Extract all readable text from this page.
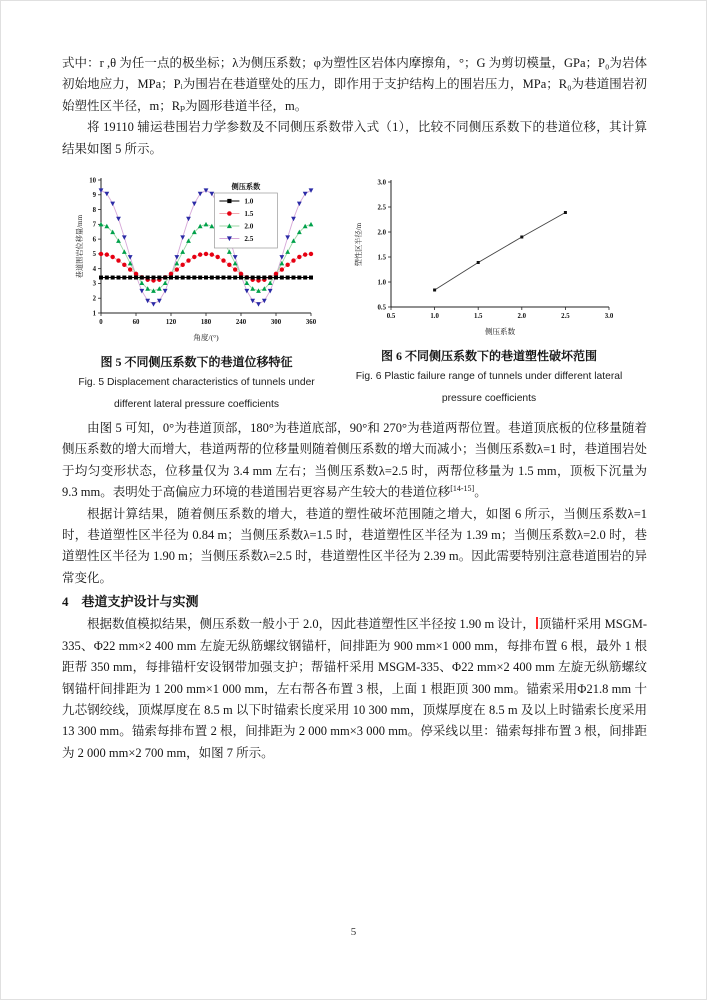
式中：r ,θ 为任一点的极坐标；λ为侧压系数；φ为塑性区岩体内摩擦角，°；G 为剪切模量，GPa；P₀为岩体初始地应力，MPa；Pᵢ为围岩在巷道壁处的压力，即作用于支护结构上的围岩压力，MPa；R₀为巷道围岩初始塑性区半径，m；Rₚ为圆形巷道半径，m。

将 19110 辅运巷围岩力学参数及不同侧压系数带入式（1），比较不同侧压系数下的巷道位移，其计算结果如图 5 所示。

0	60	120	180	240	300	360
1
2
3
4
5
6
7
8
9
10
角度/(°)
巷道围岩位移量/mm
侧压系数
1.0
1.5
2.0
2.5
图 5 不同侧压系数下的巷道位移特征
Fig. 5 Displacement characteristics of tunnels under different lateral pressure coefficients
0.5	1.0	1.5	2.0	2.5	3.0
0.5
1.0
1.5
2.0
2.5
3.0
侧压系数
塑性区半径/m
图 6 不同侧压系数下的巷道塑性破坏范围
Fig. 6 Plastic failure range of tunnels under different lateral pressure coefficients

由图 5 可知，0°为巷道顶部，180°为巷道底部，90°和 270°为巷道两帮位置。巷道顶底板的位移量随着侧压系数的增大而增大，巷道两帮的位移量则随着侧压系数的增大而减小；当侧压系数λ=1 时，巷道围岩处于均匀变形状态，位移量仅为 3.4 mm 左右；当侧压系数λ=2.5 时，两帮位移量为 1.5 mm，顶板下沉量为 9.3 mm。表明处于高偏应力环境的巷道围岩更容易产生较大的巷道位移[14-15]。

根据计算结果，随着侧压系数的增大，巷道的塑性破坏范围随之增大，如图 6 所示，当侧压系数λ=1 时，巷道塑性区半径为 0.84 m；当侧压系数λ=1.5 时，巷道塑性区半径为 1.39 m；当侧压系数λ=2.0 时，巷道塑性区半径为 1.90 m；当侧压系数λ=2.5 时，巷道塑性区半径为 2.39 m。因此需要特别注意巷道围岩的异常变化。

4 巷道支护设计与实测

根据数值模拟结果，侧压系数一般小于 2.0，因此巷道塑性区半径按 1.90 m 设计， 顶锚杆采用 MSGM-335、Φ22 mm×2 400 mm 左旋无纵筋螺纹钢锚杆，间排距为 900 mm×1 000 mm，每排布置 6 根，最外 1 根距帮 350 mm，每排锚杆安设钢带加强支护；帮锚杆采用 MSGM-335、Φ22 mm×2 400 mm 左旋无纵筋螺纹钢锚杆间排距为 1 200 mm×1 000 mm，左右帮各布置 3 根，上面 1 根距顶 300 mm。锚索采用Φ21.8 mm 十九芯钢绞线，顶煤厚度在 8.5 m 以下时锚索长度采用 10 300 mm，顶煤厚度在 8.5 m 及以上时锚索长度采用 13 300 mm。锚索每排布置 2 根，间排距为 2 000 mm×3 000 mm。停采线以里：锚索每排布置 3 根，间排距为 2 000 mm×2 700 mm，如图 7 所示。

5
